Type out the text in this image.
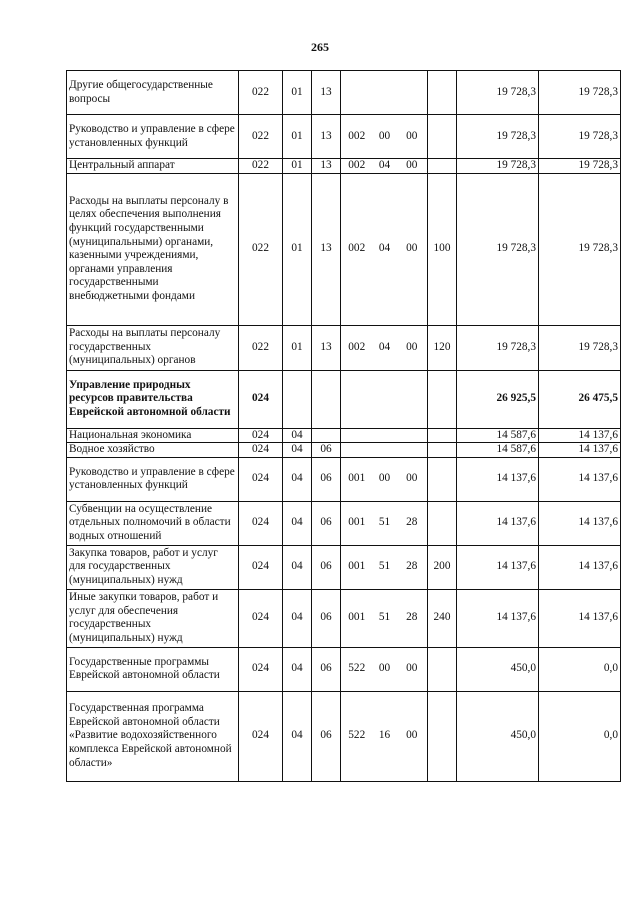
265
Другие общегосударственные вопросы	022	01	13					19 728,3	19 728,3
Руководство и управление в сфере установленных функций	022	01	13	002	00	00		19 728,3	19 728,3
Центральный аппарат	022	01	13	002	04	00		19 728,3	19 728,3
Расходы на выплаты персоналу в целях обеспечения выполнения функций государственными (муниципальными) органами, казенными учреждениями, органами управления государственными внебюджетными фондами	022	01	13	002	04	00	100	19 728,3	19 728,3
Расходы на выплаты персоналу государственных (муниципальных) органов	022	01	13	002	04	00	120	19 728,3	19 728,3
Управление природных ресурсов правительства Еврейской автономной области	024							26 925,5	26 475,5
Национальная экономика	024	04						14 587,6	14 137,6
Водное хозяйство	024	04	06					14 587,6	14 137,6
Руководство и управление в сфере установленных функций	024	04	06	001	00	00		14 137,6	14 137,6
Субвенции на осуществление отдельных полномочий в области водных отношений	024	04	06	001	51	28		14 137,6	14 137,6
Закупка товаров, работ и услуг для государственных (муниципальных) нужд	024	04	06	001	51	28	200	14 137,6	14 137,6
Иные закупки товаров, работ и услуг для обеспечения государственных (муниципальных) нужд	024	04	06	001	51	28	240	14 137,6	14 137,6
Государственные программы Еврейской автономной области	024	04	06	522	00	00		450,0	0,0
Государственная программа Еврейской автономной области «Развитие водохозяйственного комплекса Еврейской автономной области»	024	04	06	522	16	00		450,0	0,0
